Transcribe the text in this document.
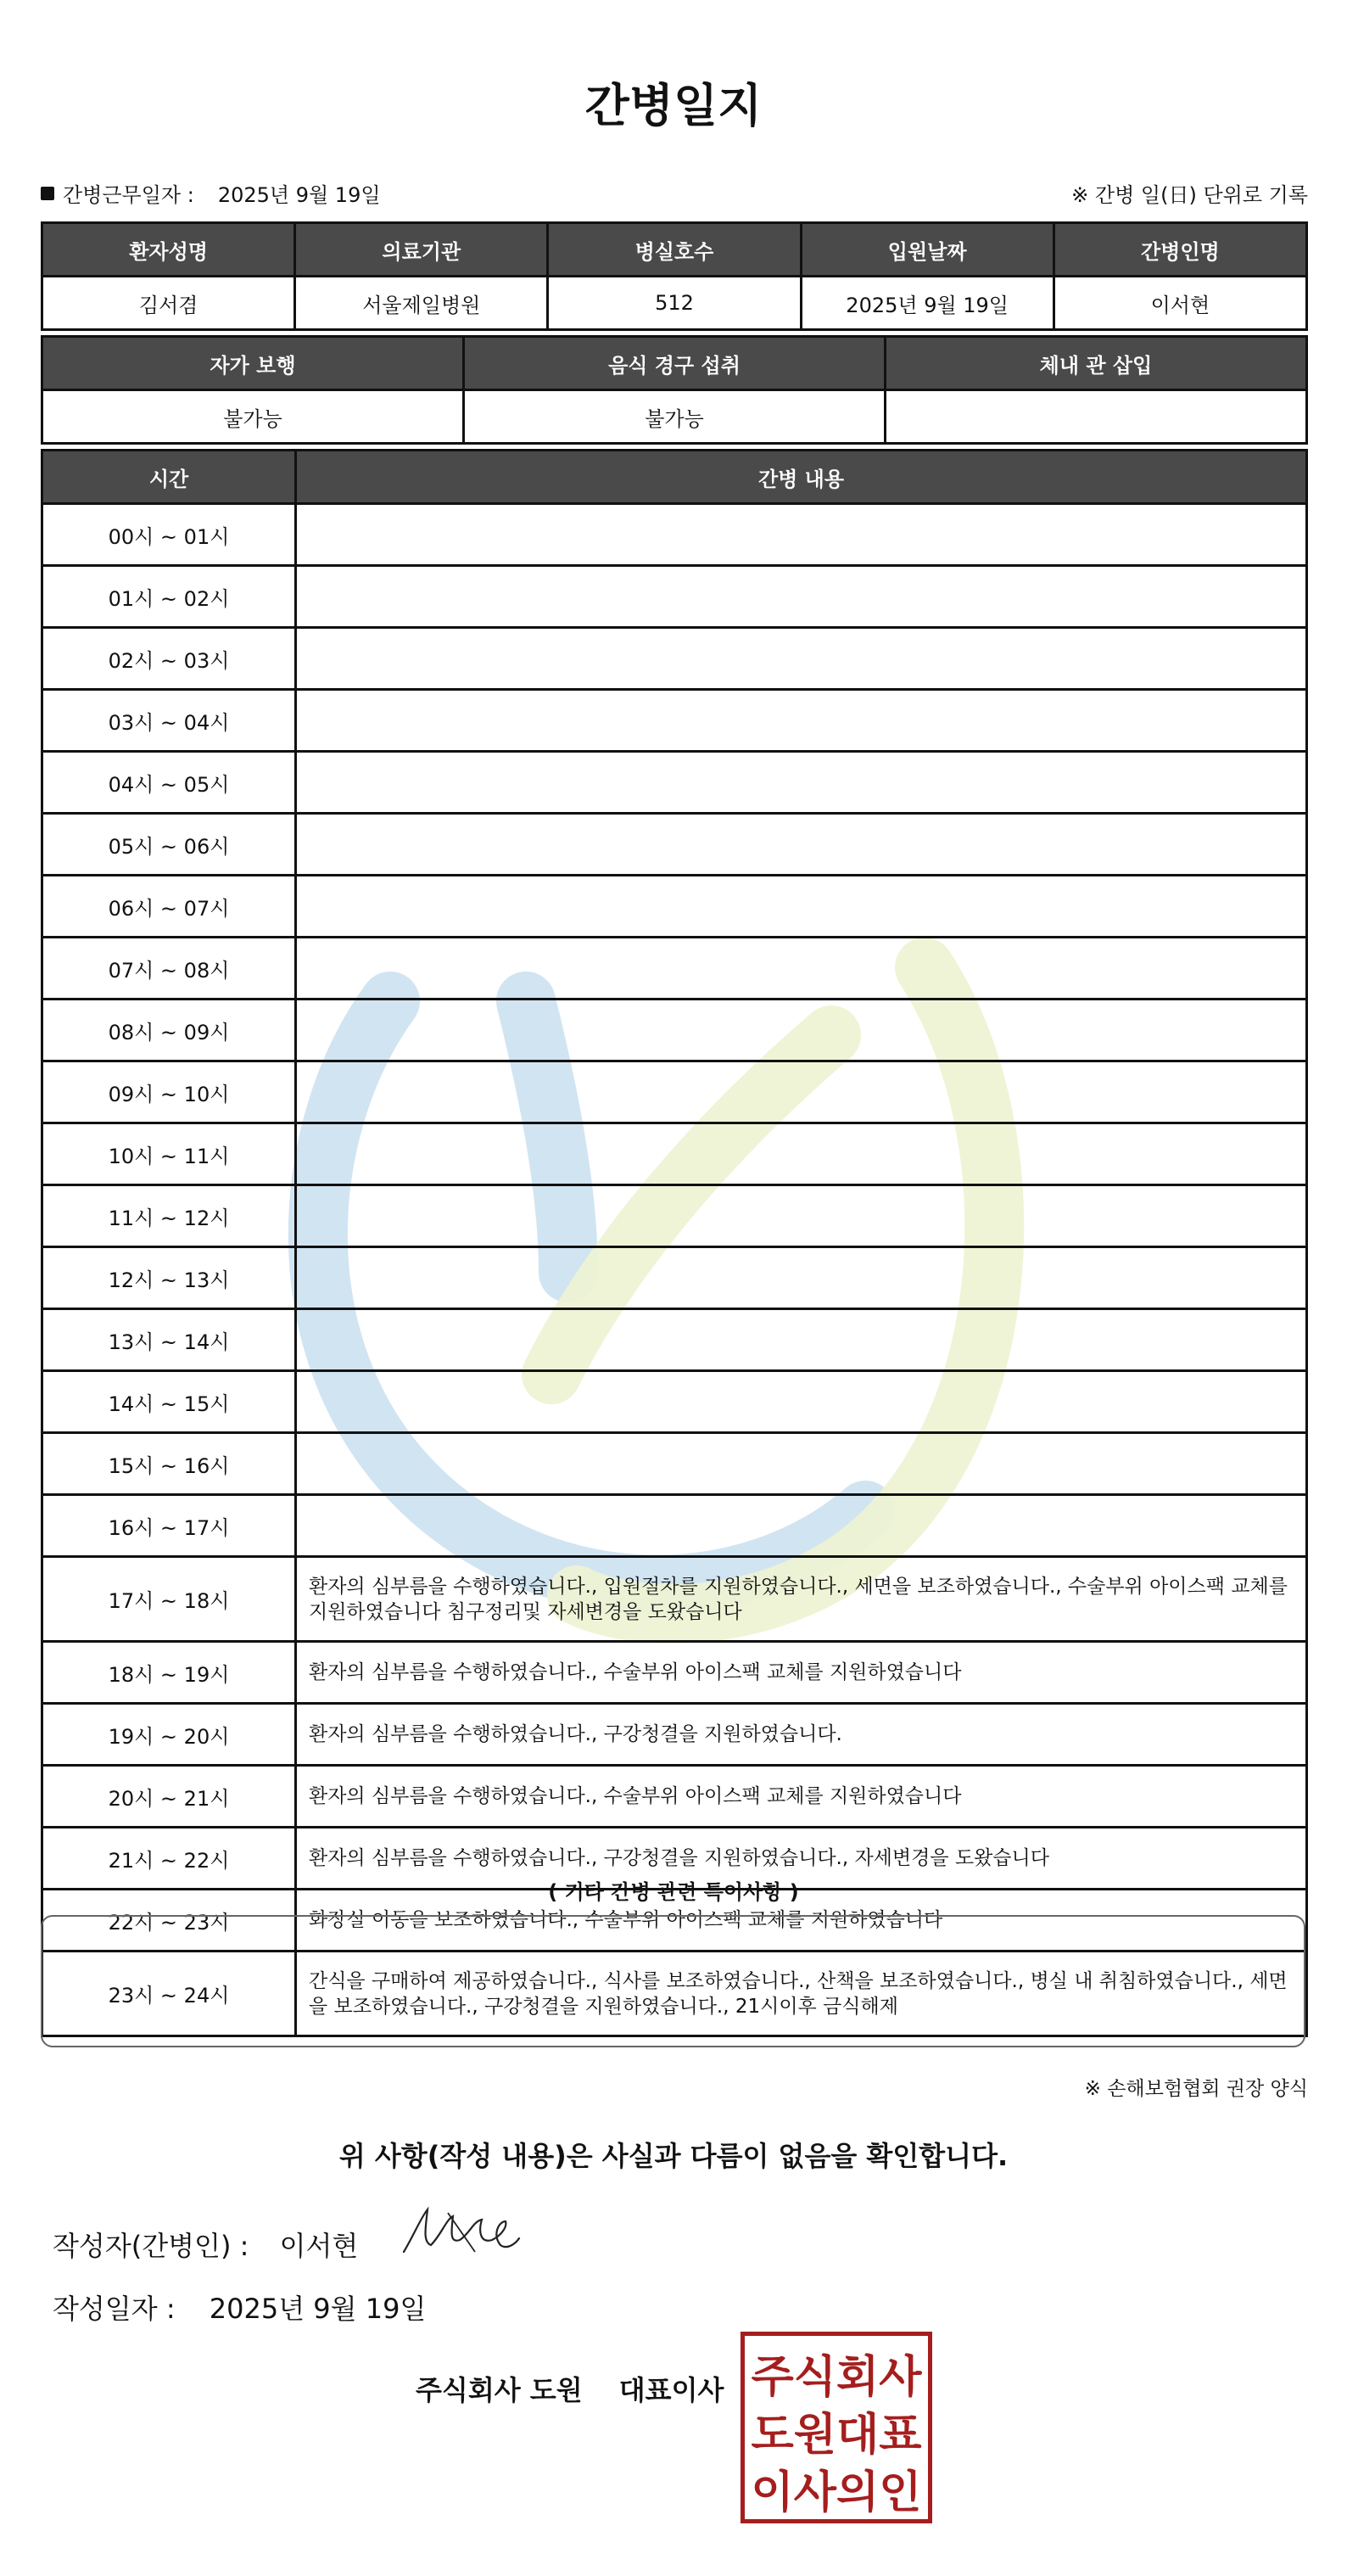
간병일지
간병근무일자 : 2025년 9월 19일	※ 간병 일(日) 단위로 기록
환자성명	의료기관	병실호수	입원날짜	간병인명
김서겸	서울제일병원	512	2025년 9월 19일	이서현
자가 보행	음식 경구 섭취	체내 관 삽입
불가능	불가능	
시간	간병 내용
00시 ~ 01시	
01시 ~ 02시	
02시 ~ 03시	
03시 ~ 04시	
04시 ~ 05시	
05시 ~ 06시	
06시 ~ 07시	
07시 ~ 08시	
08시 ~ 09시	
09시 ~ 10시	
10시 ~ 11시	
11시 ~ 12시	
12시 ~ 13시	
13시 ~ 14시	
14시 ~ 15시	
15시 ~ 16시	
16시 ~ 17시	
17시 ~ 18시	환자의 심부름을 수행하였습니다., 입원절차를 지원하였습니다., 세면을 보조하였습니다., 수술부위 아이스팩 교체를 지원하였습니다 침구정리및 자세변경을 도왔습니다
18시 ~ 19시	환자의 심부름을 수행하였습니다., 수술부위 아이스팩 교체를 지원하였습니다
19시 ~ 20시	환자의 심부름을 수행하였습니다., 구강청결을 지원하였습니다.
20시 ~ 21시	환자의 심부름을 수행하였습니다., 수술부위 아이스팩 교체를 지원하였습니다
21시 ~ 22시	환자의 심부름을 수행하였습니다., 구강청결을 지원하였습니다., 자세변경을 도왔습니다
22시 ~ 23시	화장실 이동을 보조하였습니다., 수술부위 아이스팩 교체를 지원하였습니다
23시 ~ 24시	간식을 구매하여 제공하였습니다., 식사를 보조하였습니다., 산책을 보조하였습니다., 병실 내 취침하였습니다., 세면을 보조하였습니다., 구강청결을 지원하였습니다., 21시이후 금식해제
( 기타 간병 관련 특이사항 )
※ 손해보험협회 권장 양식
위 사항(작성 내용)은 사실과 다름이 없음을 확인합니다.
작성자(간병인) : 이서현
작성일자 : 2025년 9월 19일
주식회사 도원 대표이사 주식회사
도원대표
이사의인
